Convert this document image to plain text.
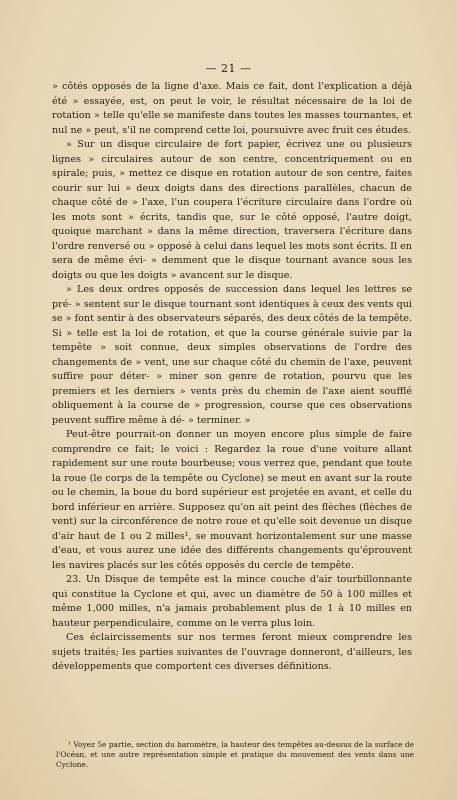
— 21 —

» côtés opposés de la ligne d'axe. Mais ce fait, dont l'explication a déjà été » essayée, est, on peut le voir, le résultat nécessaire de la loi de rotation » telle qu'elle se manifeste dans toutes les masses tournantes, et nul ne » peut, s'il ne comprend cette loi, poursuivre avec fruit ces études.

» Sur un disque circulaire de fort papier, écrivez une ou plusieurs lignes » circulaires autour de son centre, concentriquement ou en spirale; puis, » mettez ce disque en rotation autour de son centre, faites courir sur lui » deux doigts dans des directions parallèles, chacun de chaque côté de » l'axe, l'un coupera l'écriture circulaire dans l'ordre où les mots sont » écrits, tandis que, sur le côté opposé, l'autre doigt, quoique marchant » dans la même direction, traversera l'écriture dans l'ordre renversé ou » opposé à celui dans lequel les mots sont écrits. Il en sera de même évi- » demment que le disque tournant avance sous les doigts ou que les doigts » avancent sur le disque.

» Les deux ordres opposés de succession dans lequel les lettres se pré- » sentent sur le disque tournant sont identiques à ceux des vents qui se » font sentir à des observateurs séparés, des deux côtés de la tempête. Si » telle est la loi de rotation, et que la course générale suivie par la tempête » soit connue, deux simples observations de l'ordre des changements de » vent, une sur chaque côté du chemin de l'axe, peuvent suffire pour déter- » miner son genre de rotation, pourvu que les premiers et les derniers » vents près du chemin de l'axe aient soufflé obliquement à la course de » progression, course que ces observations peuvent suffire même à dé- » terminer. »

Peut-être pourrait-on donner un moyen encore plus simple de faire comprendre ce fait; le voici : Regardez la roue d'une voiture allant rapidement sur une route bourbeuse; vous verrez que, pendant que toute la roue (le corps de la tempête ou Cyclone) se meut en avant sur la route ou le chemin, la boue du bord supérieur est projetée en avant, et celle du bord inférieur en arrière. Supposez qu'on ait peint des flèches (flèches de vent) sur la circonférence de notre roue et qu'elle soit devenue un disque d'air haut de 1 ou 2 milles¹, se mouvant horizontalement sur une masse d'eau, et vous aurez une idée des différents changements qu'éprouvent les navires placés sur les côtés opposés du cercle de tempête.

23. Un Disque de tempête est la mince couche d'air tourbillonnante qui constitue la Cyclone et qui, avec un diamètre de 50 à 100 milles et même 1,000 milles, n'a jamais probablement plus de 1 à 10 milles en hauteur perpendiculaire, comme on le verra plus loin.

Ces éclaircissements sur nos termes feront mieux comprendre les sujets traités; les parties suivantes de l'ouvrage donneront, d'ailleurs, les développements que comportent ces diverses définitions.

¹ Voyez 5e partie, section du baromètre, la hauteur des tempêtes au-dessus de la surface de l'Océan, et une autre représentation simple et pratique du mouvement des vents dans une Cyclone.
